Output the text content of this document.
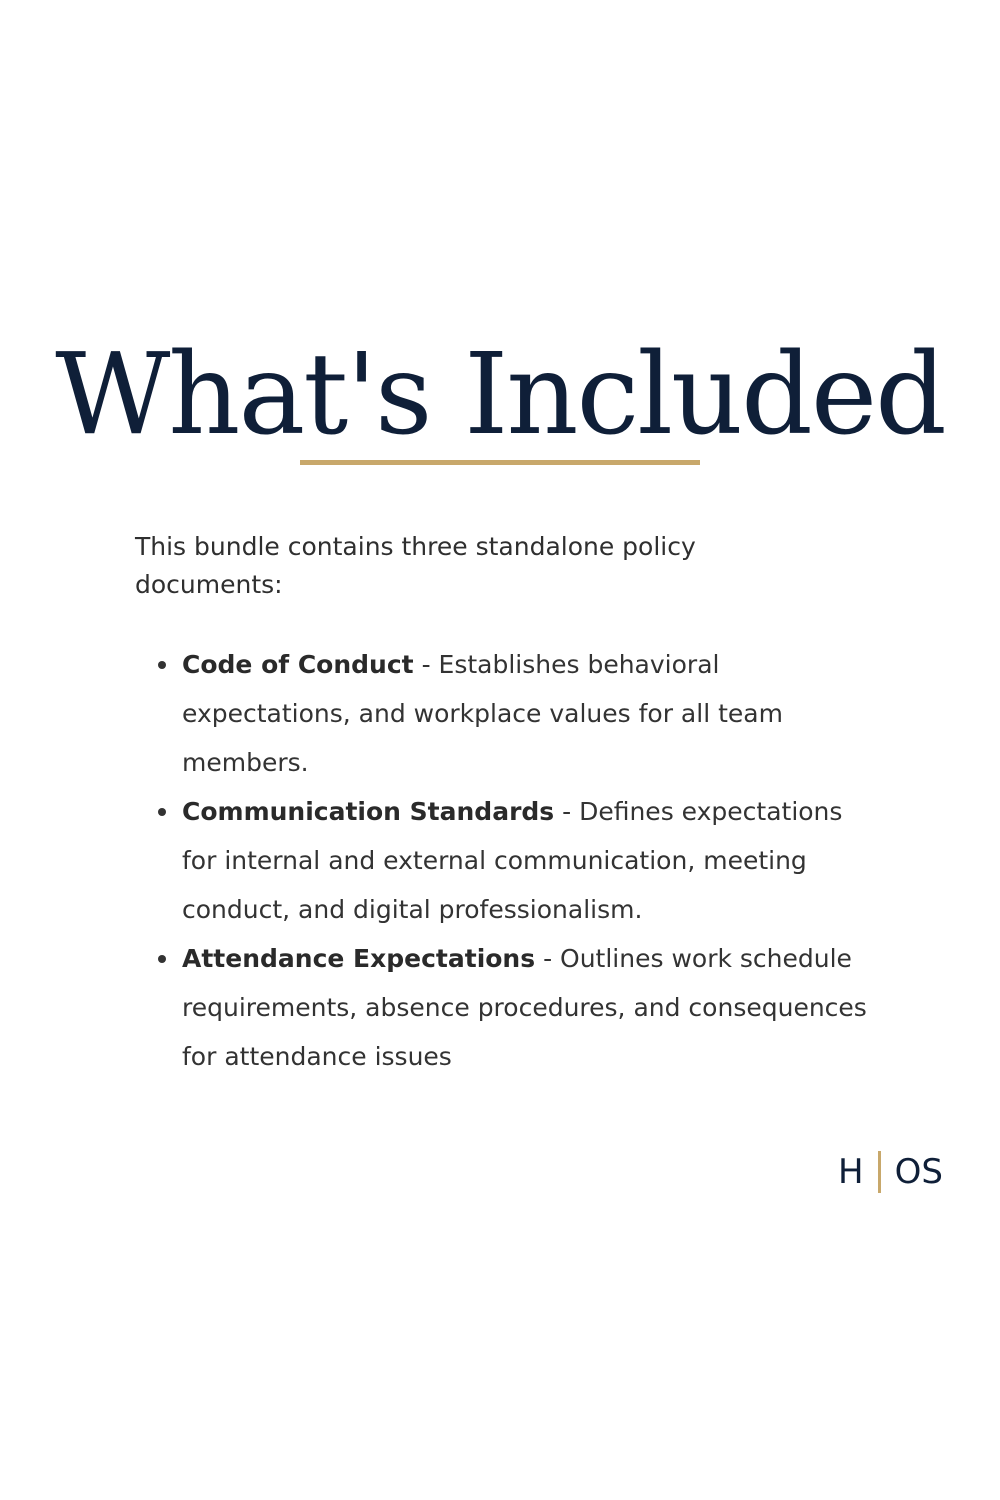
What's Included

This bundle contains three standalone policy documents:

Code of Conduct - Establishes behavioral expectations, and workplace values for all team members.
Communication Standards - Defines expectations for internal and external communication, meeting conduct, and digital professionalism.
Attendance Expectations - Outlines work schedule requirements, absence procedures, and consequences for attendance issues
H OS
